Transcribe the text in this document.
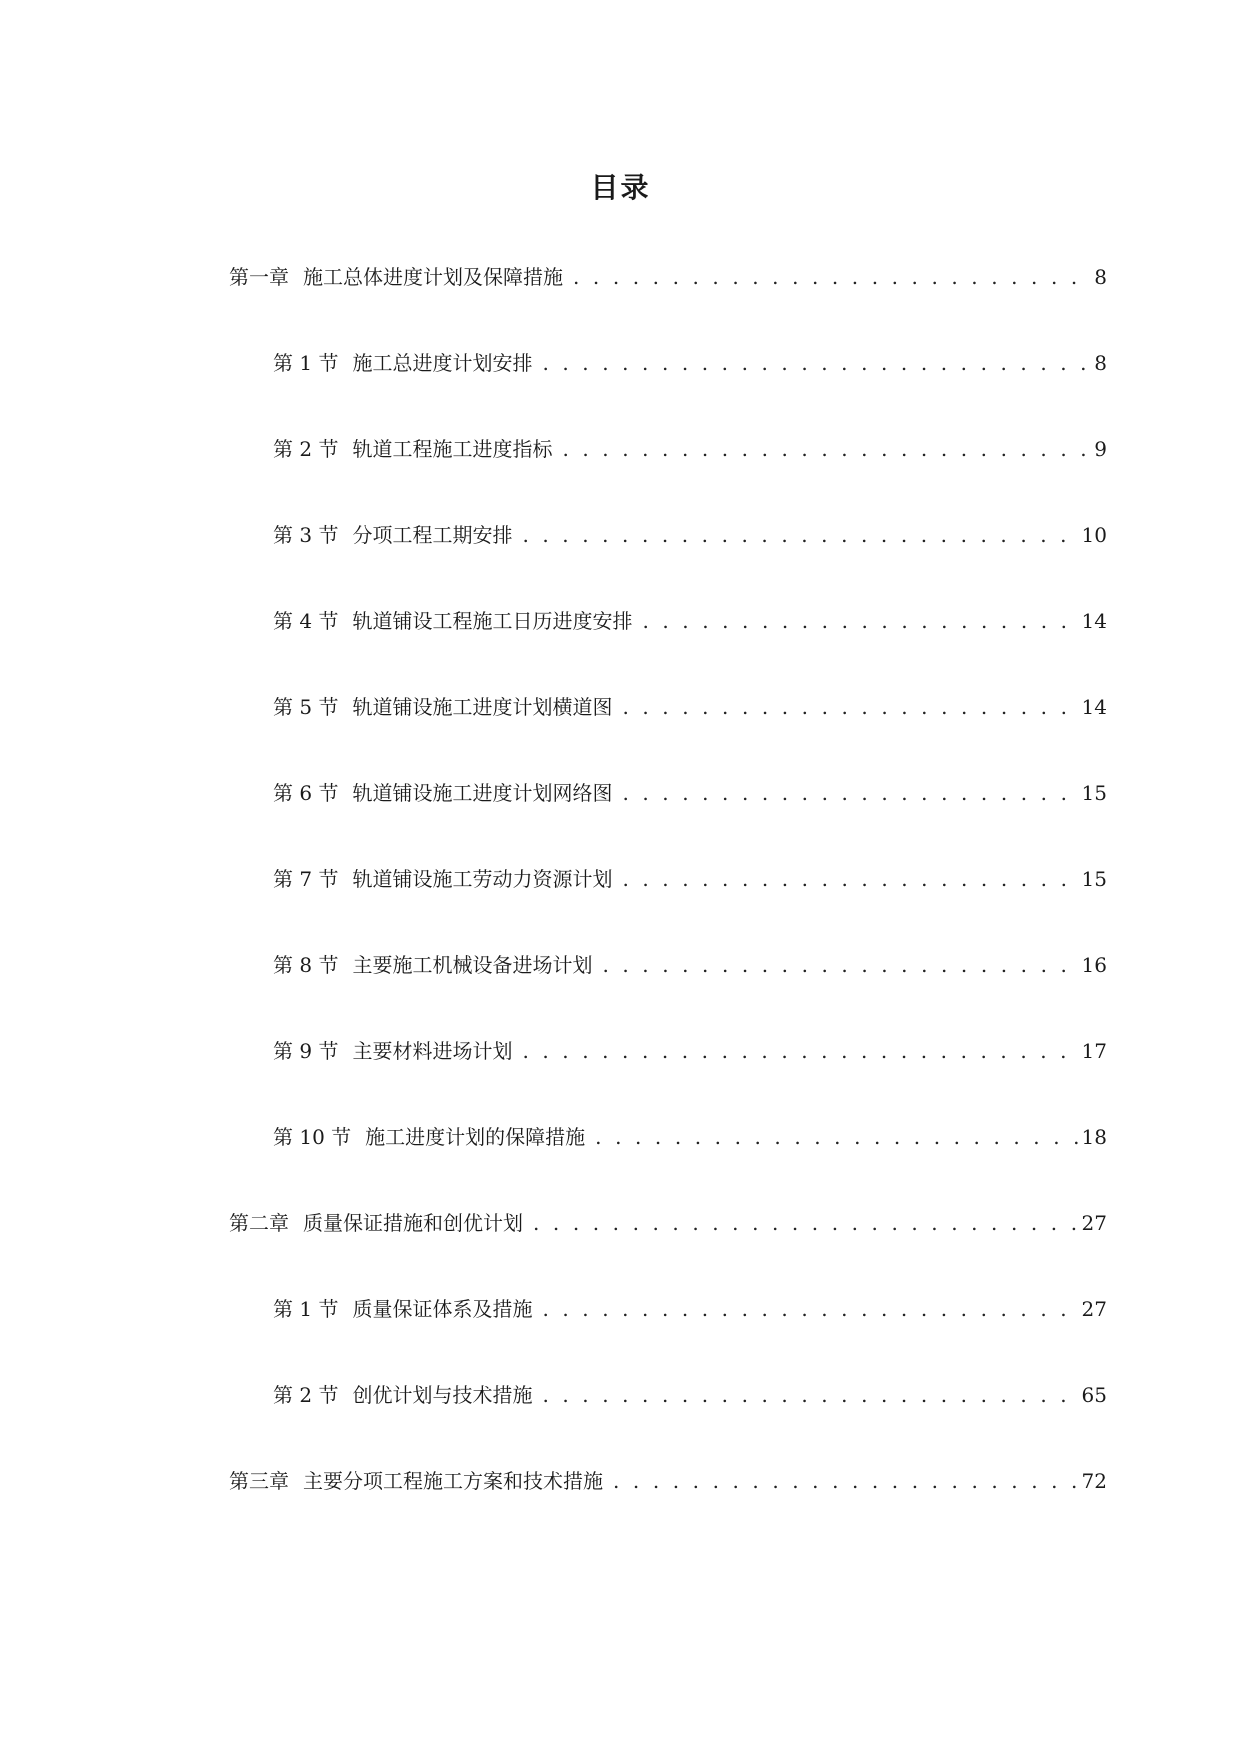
目录
第一章 施工总体进度计划及保障措施 . . .	8
第 1 节 施工总进度计划安排 . . .	8
第 2 节 轨道工程施工进度指标 . . .	9
第 3 节 分项工程工期安排 . . .	10
第 4 节 轨道铺设工程施工日历进度安排 . . .	14
第 5 节 轨道铺设施工进度计划横道图 . . .	14
第 6 节 轨道铺设施工进度计划网络图 . . .	15
第 7 节 轨道铺设施工劳动力资源计划 . . .	15
第 8 节 主要施工机械设备进场计划 . . .	16
第 9 节 主要材料进场计划 . . .	17
第 10 节 施工进度计划的保障措施 . . .	18
第二章 质量保证措施和创优计划 . . .	27
第 1 节 质量保证体系及措施 . . .	27
第 2 节 创优计划与技术措施 . . .	65
第三章 主要分项工程施工方案和技术措施 . . .	72
